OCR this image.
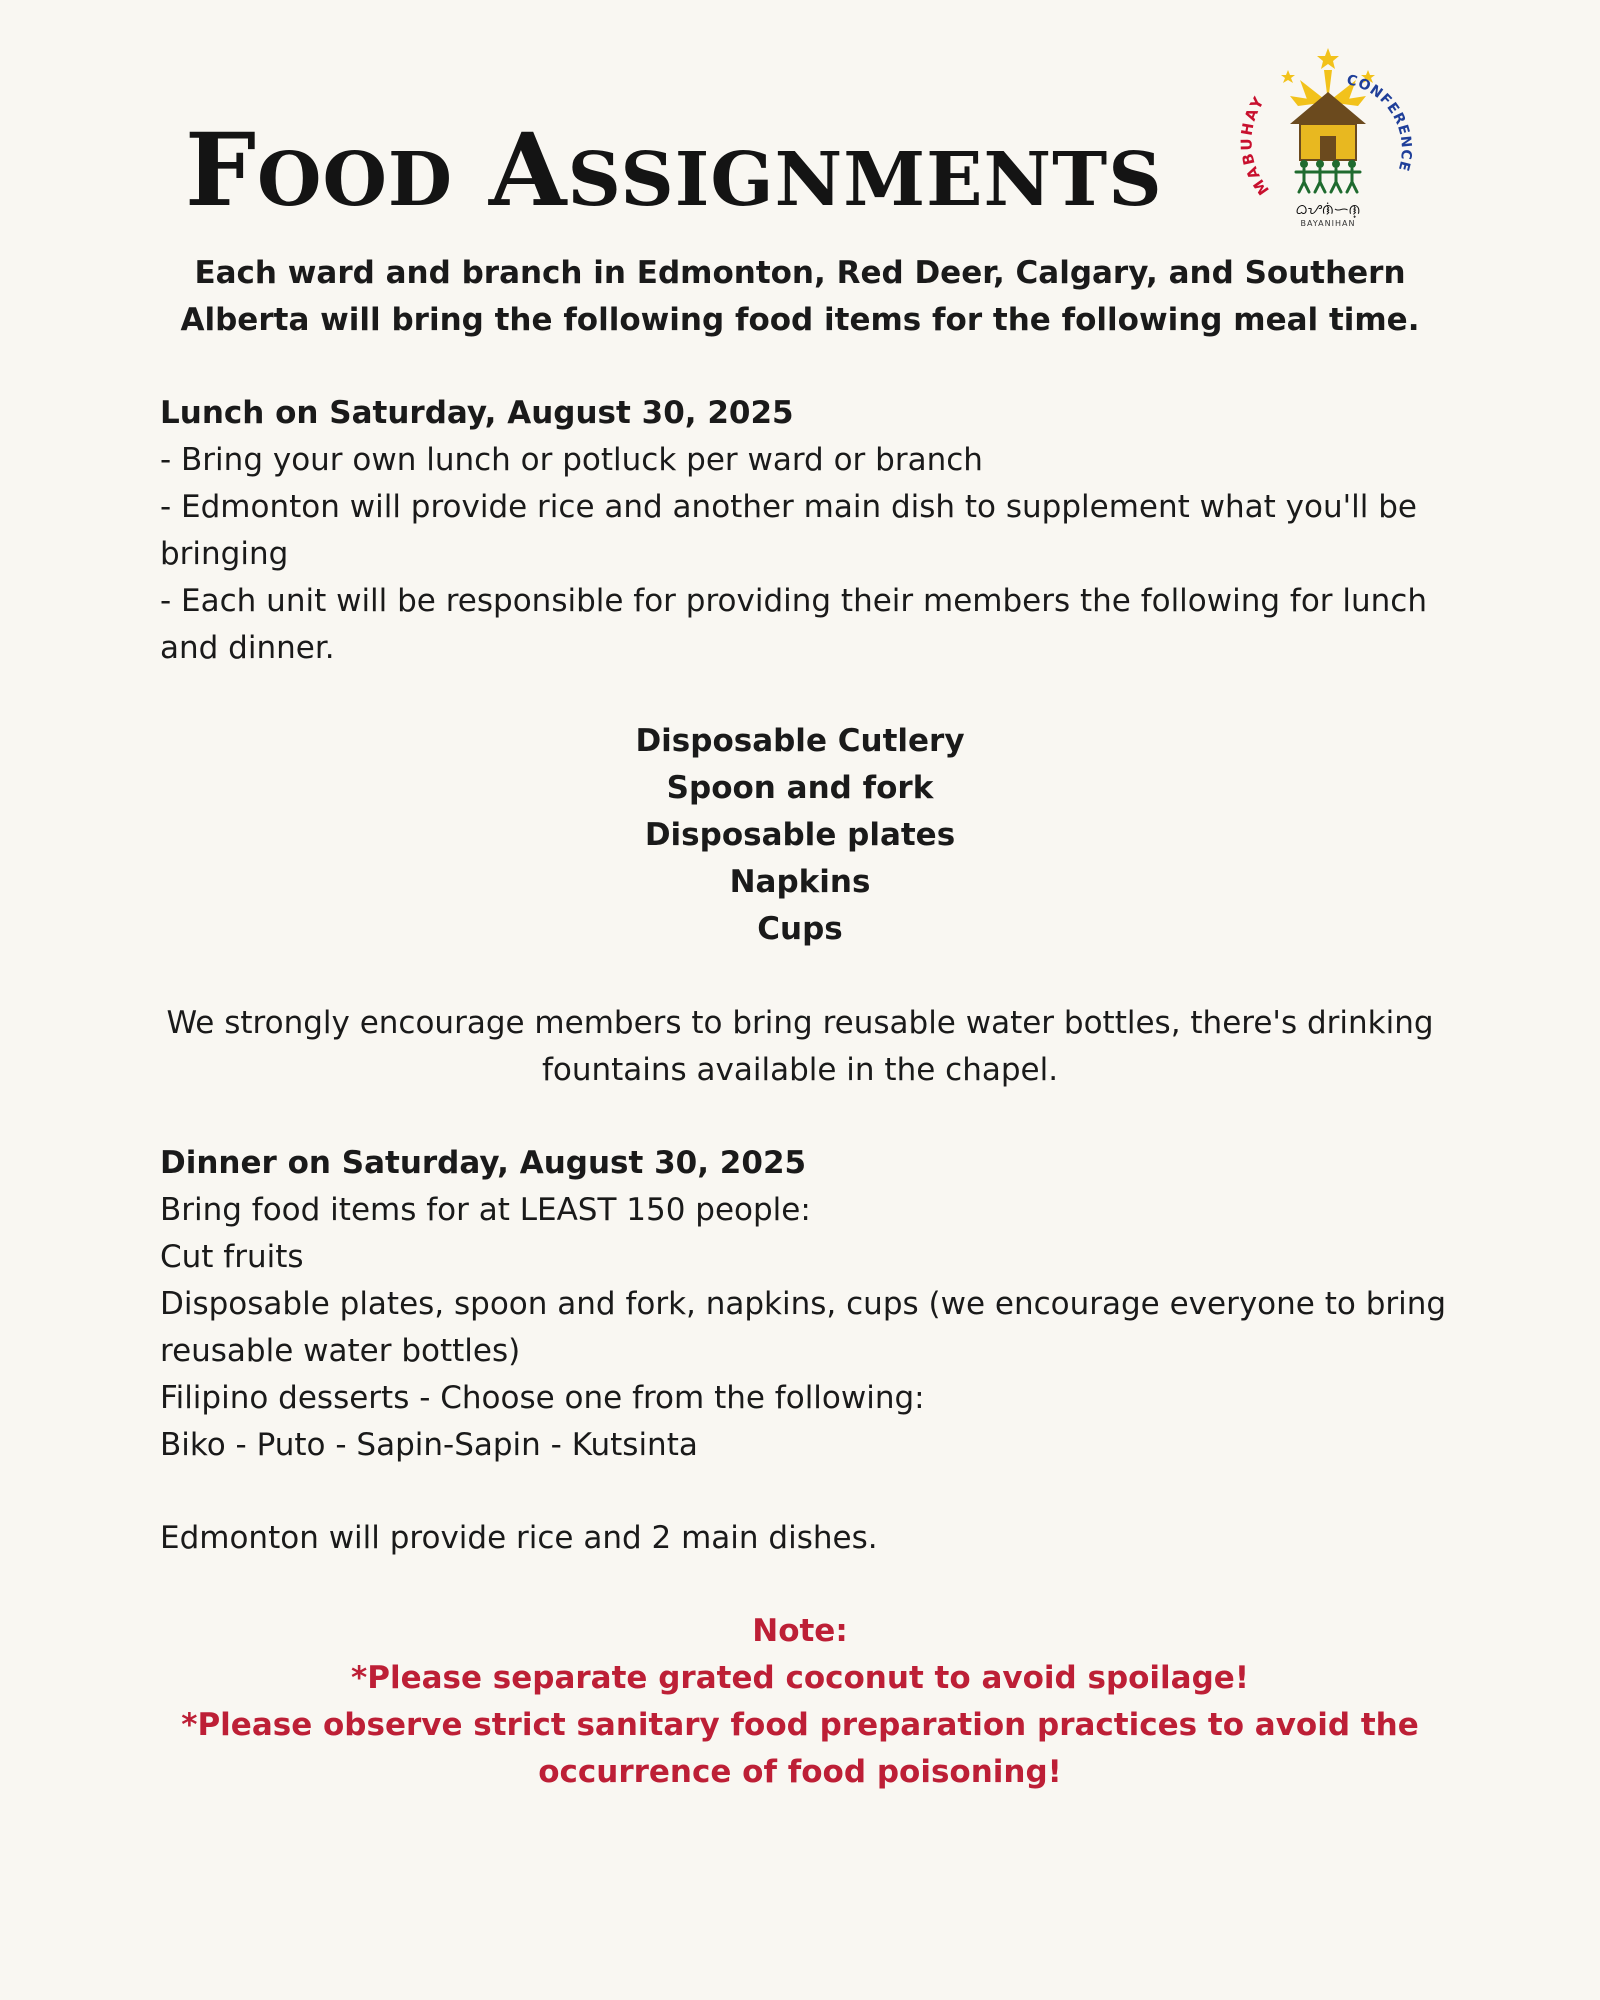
FOOD ASSIGNMENTS	MABUHAY
CONFERENCE
ᜊᜌᜈᜒᜑᜈ᜔
BAYANIHAN

Each ward and branch in Edmonton, Red Deer, Calgary, and Southern Alberta will bring the following food items for the following meal time.

Lunch on Saturday, August 30, 2025

- Bring your own lunch or potluck per ward or branch

- Edmonton will provide rice and another main dish to supplement what you'll be bringing

- Each unit will be responsible for providing their members the following for lunch and dinner.

Disposable Cutlery

Spoon and fork

Disposable plates

Napkins

Cups

We strongly encourage members to bring reusable water bottles, there's drinking fountains available in the chapel.

Dinner on Saturday, August 30, 2025

Bring food items for at LEAST 150 people:

Cut fruits

Disposable plates, spoon and fork, napkins, cups (we encourage everyone to bring reusable water bottles)

Filipino desserts - Choose one from the following:

Biko - Puto - Sapin-Sapin - Kutsinta

Edmonton will provide rice and 2 main dishes.

Note:

*Please separate grated coconut to avoid spoilage!

*Please observe strict sanitary food preparation practices to avoid the occurrence of food poisoning!
